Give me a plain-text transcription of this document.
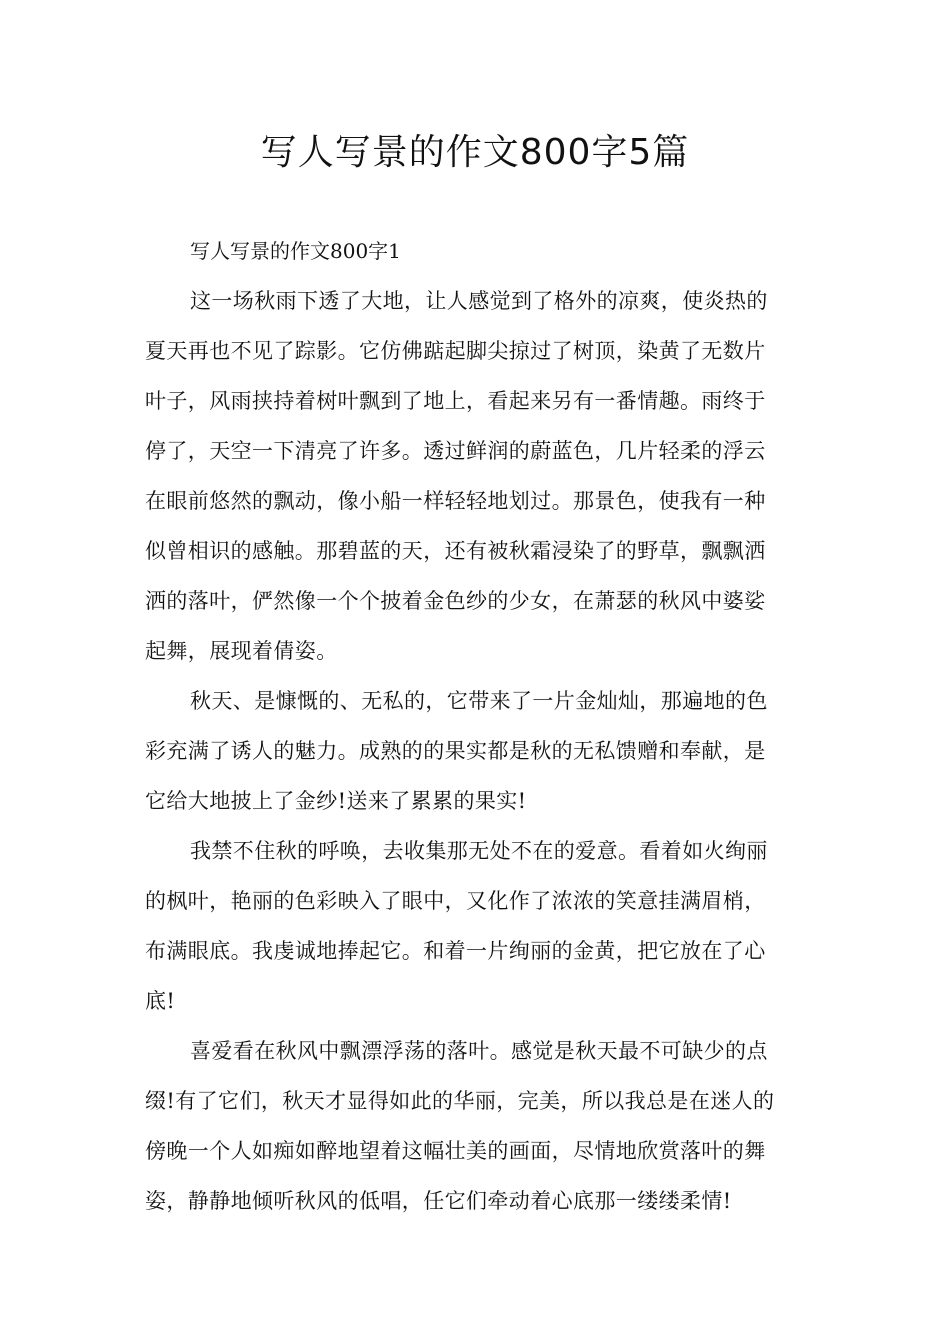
写人写景的作文800字5篇

写人写景的作文800字1

这一场秋雨下透了大地，让人感觉到了格外的凉爽，使炎热的
夏天再也不见了踪影。它仿佛踮起脚尖掠过了树顶，染黄了无数片
叶子，风雨挟持着树叶飘到了地上，看起来另有一番情趣。雨终于
停了，天空一下清亮了许多。透过鲜润的蔚蓝色，几片轻柔的浮云
在眼前悠然的飘动，像小船一样轻轻地划过。那景色，使我有一种
似曾相识的感触。那碧蓝的天，还有被秋霜浸染了的野草，飘飘洒
洒的落叶，俨然像一个个披着金色纱的少女，在萧瑟的秋风中婆娑
起舞，展现着倩姿。

秋天、是慷慨的、无私的，它带来了一片金灿灿，那遍地的色
彩充满了诱人的魅力。成熟的的果实都是秋的无私馈赠和奉献，是
它给大地披上了金纱!送来了累累的果实!

我禁不住秋的呼唤，去收集那无处不在的爱意。看着如火绚丽
的枫叶，艳丽的色彩映入了眼中，又化作了浓浓的笑意挂满眉梢，
布满眼底。我虔诚地捧起它。和着一片绚丽的金黄，把它放在了心
底!

喜爱看在秋风中飘漂浮荡的落叶。感觉是秋天最不可缺少的点
缀!有了它们，秋天才显得如此的华丽，完美，所以我总是在迷人的
傍晚一个人如痴如醉地望着这幅壮美的画面，尽情地欣赏落叶的舞
姿，静静地倾听秋风的低唱，任它们牵动着心底那一缕缕柔情!
